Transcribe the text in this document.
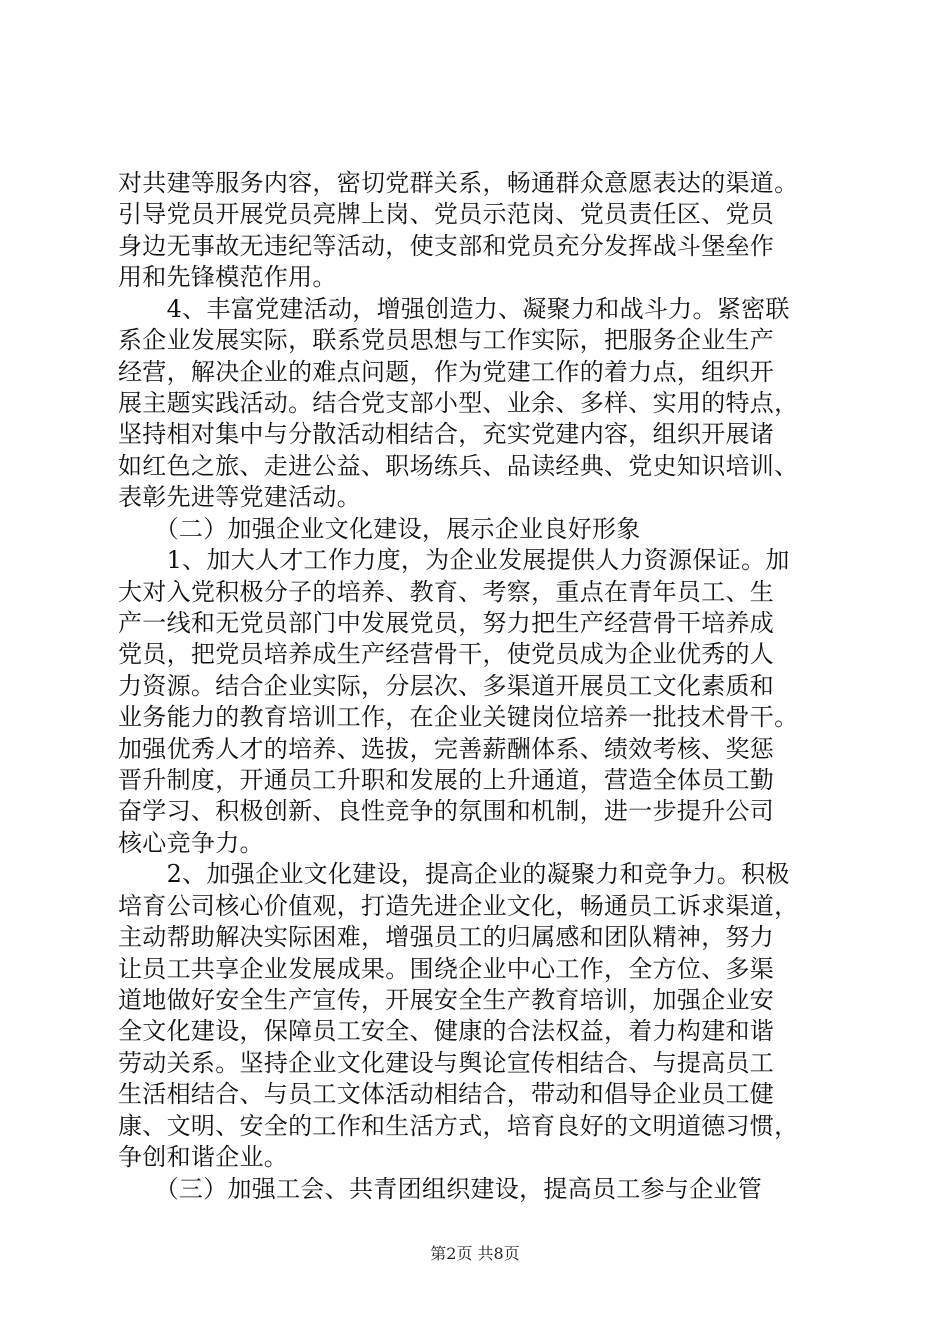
对共建等服务内容，密切党群关系，畅通群众意愿表达的渠道。
引导党员开展党员亮牌上岗、党员示范岗、党员责任区、党员
身边无事故无违纪等活动，使支部和党员充分发挥战斗堡垒作
用和先锋模范作用。
　　4、丰富党建活动，增强创造力、凝聚力和战斗力。紧密联
系企业发展实际，联系党员思想与工作实际，把服务企业生产
经营，解决企业的难点问题，作为党建工作的着力点，组织开
展主题实践活动。结合党支部小型、业余、多样、实用的特点，
坚持相对集中与分散活动相结合，充实党建内容，组织开展诸
如红色之旅、走进公益、职场练兵、品读经典、党史知识培训、
表彰先进等党建活动。
　　（二）加强企业文化建设，展示企业良好形象
　　1、加大人才工作力度，为企业发展提供人力资源保证。加
大对入党积极分子的培养、教育、考察，重点在青年员工、生
产一线和无党员部门中发展党员，努力把生产经营骨干培养成
党员，把党员培养成生产经营骨干，使党员成为企业优秀的人
力资源。结合企业实际，分层次、多渠道开展员工文化素质和
业务能力的教育培训工作，在企业关键岗位培养一批技术骨干。
加强优秀人才的培养、选拔，完善薪酬体系、绩效考核、奖惩
晋升制度，开通员工升职和发展的上升通道，营造全体员工勤
奋学习、积极创新、良性竞争的氛围和机制，进一步提升公司
核心竞争力。
　　2、加强企业文化建设，提高企业的凝聚力和竞争力。积极
培育公司核心价值观，打造先进企业文化，畅通员工诉求渠道，
主动帮助解决实际困难，增强员工的归属感和团队精神，努力
让员工共享企业发展成果。围绕企业中心工作，全方位、多渠
道地做好安全生产宣传，开展安全生产教育培训，加强企业安
全文化建设，保障员工安全、健康的合法权益，着力构建和谐
劳动关系。坚持企业文化建设与舆论宣传相结合、与提高员工
生活相结合、与员工文体活动相结合，带动和倡导企业员工健
第2页 共8页
康、文明、安全的工作和生活方式，培育良好的文明道德习惯，
争创和谐企业。
　　（三）加强工会、共青团组织建设，提高员工参与企业管
